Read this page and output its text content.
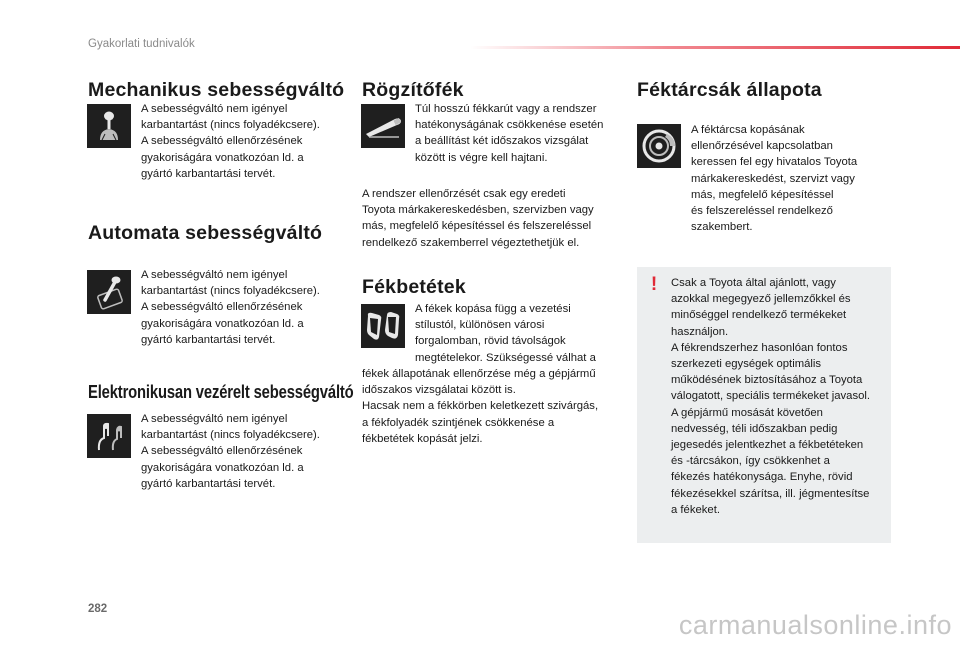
Gyakorlati tudnivalók
Mechanikus sebességváltó
A sebességváltó nem igényel
karbantartást (nincs folyadékcsere).
A sebességváltó ellenőrzésének
gyakoriságára vonatkozóan ld. a
gyártó karbantartási tervét.
Automata sebességváltó
A sebességváltó nem igényel
karbantartást (nincs folyadékcsere).
A sebességváltó ellenőrzésének
gyakoriságára vonatkozóan ld. a
gyártó karbantartási tervét.
Elektronikusan vezérelt sebességváltó
A sebességváltó nem igényel
karbantartást (nincs folyadékcsere).
A sebességváltó ellenőrzésének
gyakoriságára vonatkozóan ld. a
gyártó karbantartási tervét.
Rögzítőfék
Túl hosszú fékkarút vagy a rendszer
hatékonyságának csökkenése esetén
a beállítást két időszakos vizsgálat
között is végre kell hajtani.
A rendszer ellenőrzését csak egy eredeti
Toyota márkakereskedésben, szervizben vagy
más, megfelelő képesítéssel és felszereléssel
rendelkező szakemberrel végeztethetjük el.
Fékbetétek
A fékek kopása függ a vezetési
stílustól, különösen városi
forgalomban, rövid távolságok
megtételekor. Szükségessé válhat a
fékek állapotának ellenőrzése még a gépjármű
időszakos vizsgálatai között is.
Hacsak nem a fékkörben keletkezett szivárgás,
a fékfolyadék szintjének csökkenése a
fékbetétek kopását jelzi.
Féktárcsák állapota
A féktárcsa kopásának
ellenőrzésével kapcsolatban
keressen fel egy hivatalos Toyota
márkakereskedést, szervizt vagy
más, megfelelő képesítéssel
és felszereléssel rendelkező
szakembert.
!	Csak a Toyota által ajánlott, vagy
azokkal megegyező jellemzőkkel és
minőséggel rendelkező termékeket
használjon.
A fékrendszerhez hasonlóan fontos
szerkezeti egységek optimális
működésének biztosításához a Toyota
válogatott, speciális termékeket javasol.
A gépjármű mosását követően
nedvesség, téli időszakban pedig
jegesedés jelentkezhet a fékbetéteken
és -tárcsákon, így csökkenhet a
fékezés hatékonysága. Enyhe, rövid
fékezésekkel szárítsa, ill. jégmentesítse
a fékeket.
282
carmanualsonline.info
